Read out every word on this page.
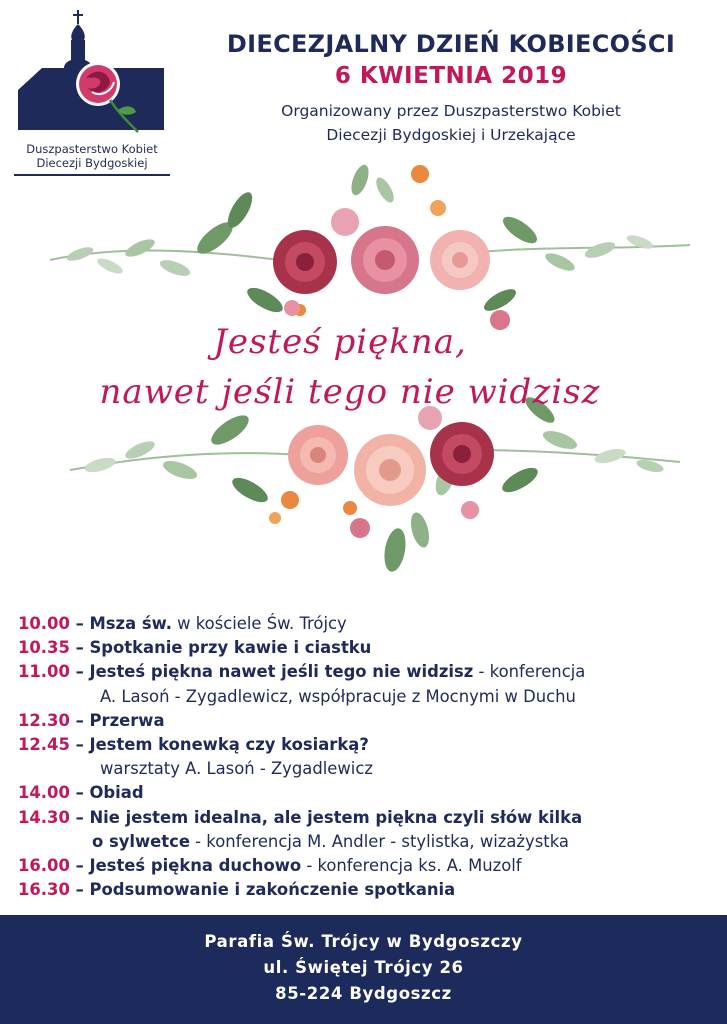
Duszpasterstwo Kobiet
Diecezji Bydgoskiej
DIECEZJALNY DZIEŃ KOBIECOŚCI
6 KWIETNIA 2019
Organizowany przez Duszpasterstwo Kobiet
Diecezji Bydgoskiej i Urzekające
Jesteś piękna,
nawet jeśli tego nie widzisz
10.00 – Msza św. w kościele Św. Trójcy
10.35 – Spotkanie przy kawie i ciastku
11.00 – Jesteś piękna nawet jeśli tego nie widzisz - konferencja
A. Lasoń - Zygadlewicz, współpracuje z Mocnymi w Duchu
12.30 – Przerwa
12.45 – Jestem konewką czy kosiarką?
warsztaty A. Lasoń - Zygadlewicz
14.00 – Obiad
14.30 – Nie jestem idealna, ale jestem piękna czyli słów kilka
o sylwetce - konferencja M. Andler - stylistka, wizażystka
16.00 – Jesteś piękna duchowo - konferencja ks. A. Muzolf
16.30 – Podsumowanie i zakończenie spotkania
Parafia Św. Trójcy w Bydgoszczy
ul. Świętej Trójcy 26
85-224 Bydgoszcz
